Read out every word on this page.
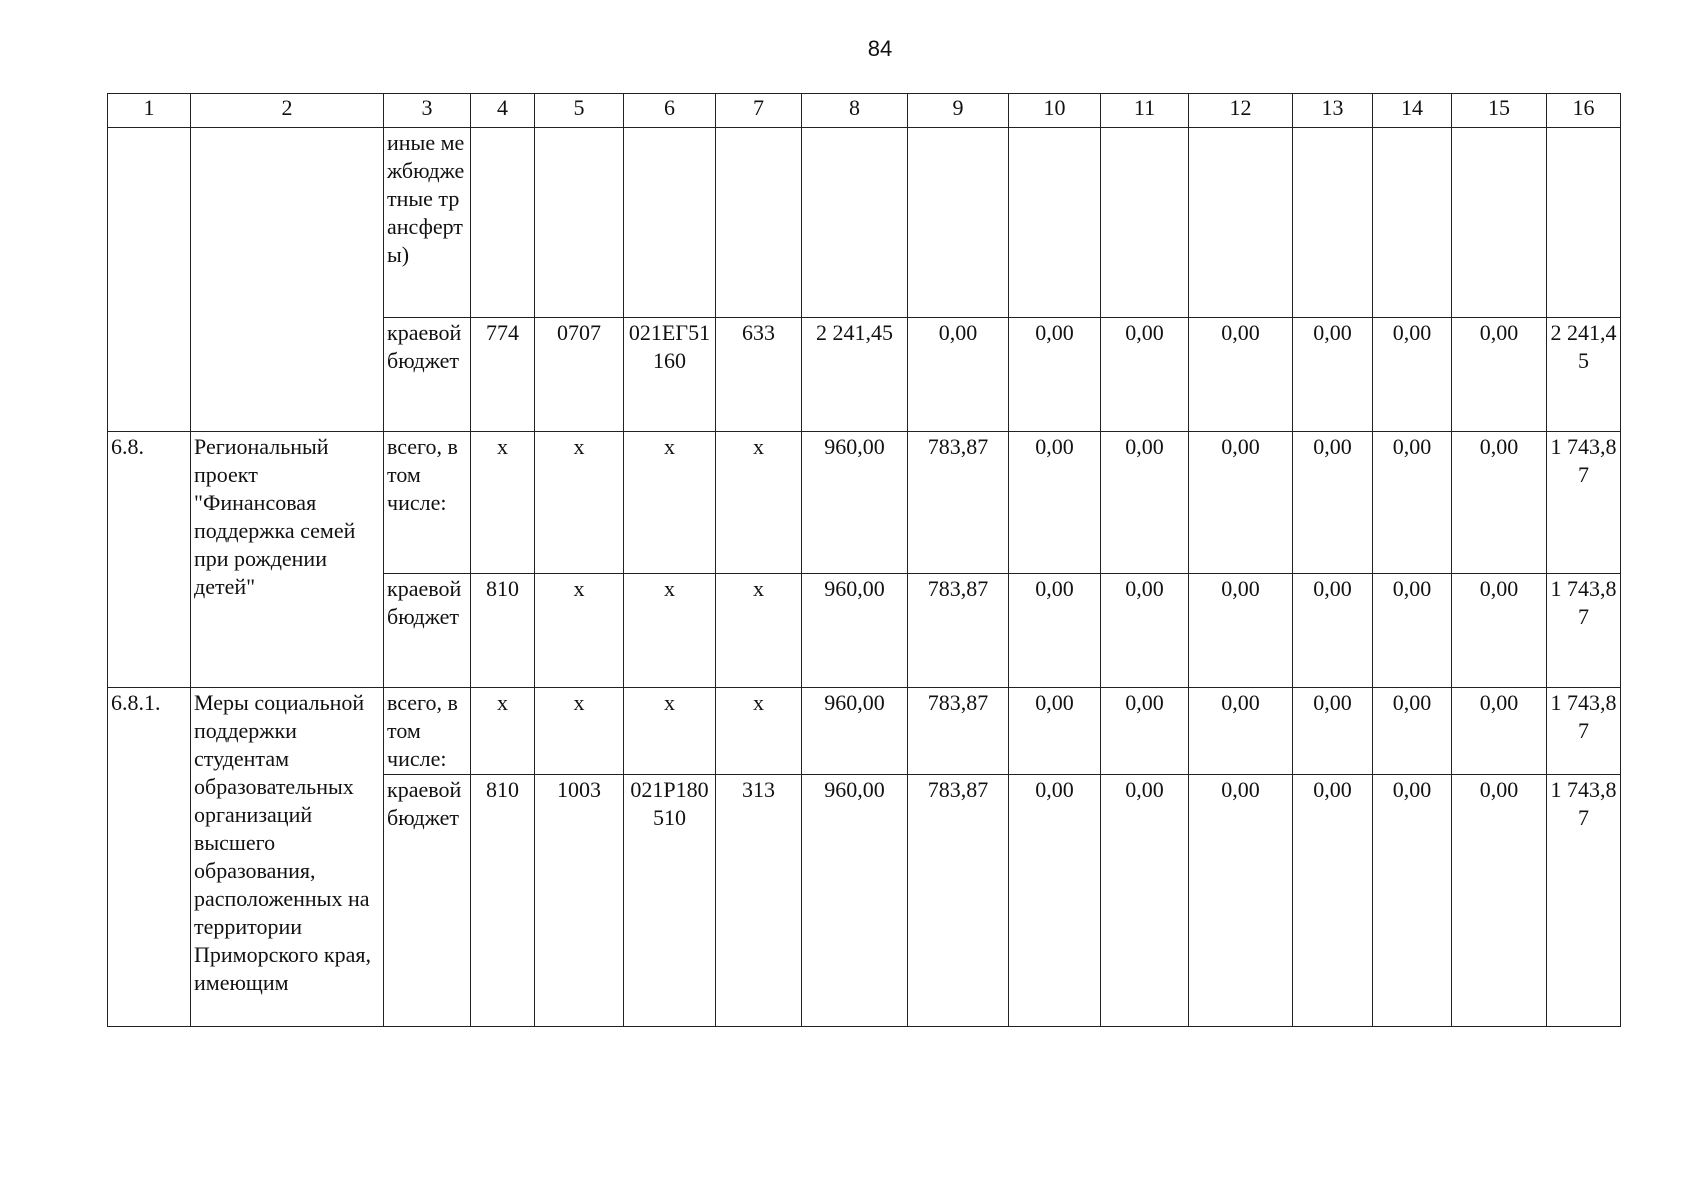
84
1	2	3	4	5	6	7	8	9	10	11	12	13	14	15	16
		иные межбюджетные трансферты)													
		краевой бюджет	774	0707	021ЕГ51160	633	2 241,45	0,00	0,00	0,00	0,00	0,00	0,00	0,00	2 241,45
6.8.	Региональный проект "Финансовая поддержка семей при рождении детей"	всего, в том числе:	x	x	x	x	960,00	783,87	0,00	0,00	0,00	0,00	0,00	0,00	1 743,87
		краевой бюджет	810	x	x	x	960,00	783,87	0,00	0,00	0,00	0,00	0,00	0,00	1 743,87
6.8.1.	Меры социальной поддержки студентам образовательных организаций высшего образования, расположенных на территории Приморского края, имеющим	всего, в том числе:	x	x	x	x	960,00	783,87	0,00	0,00	0,00	0,00	0,00	0,00	1 743,87
		краевой бюджет	810	1003	021Р180510	313	960,00	783,87	0,00	0,00	0,00	0,00	0,00	0,00	1 743,87
